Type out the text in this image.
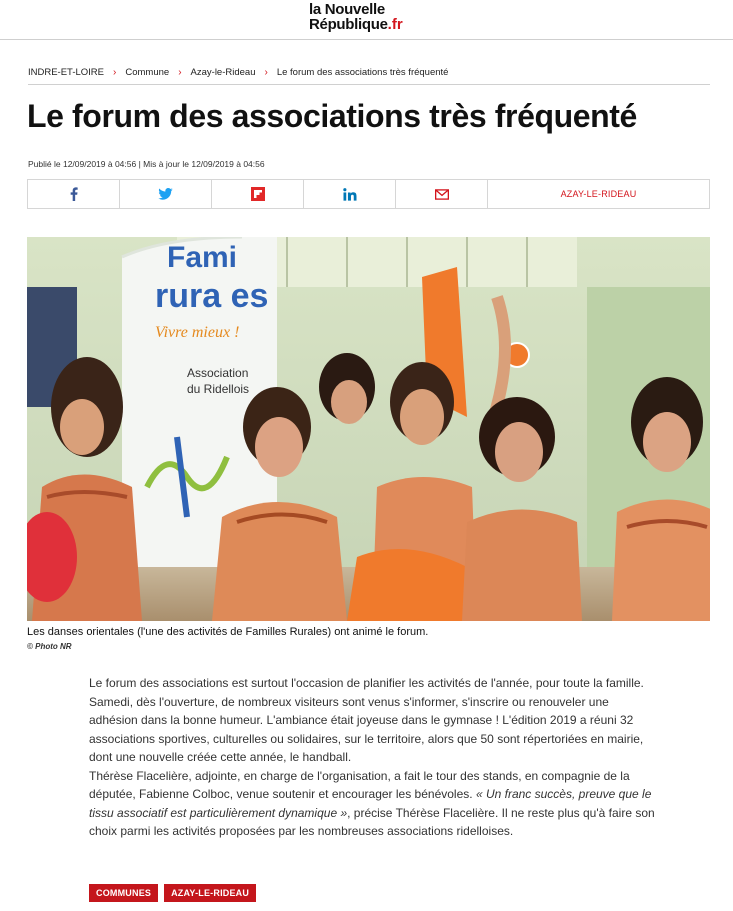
la Nouvelle
République.fr
INDRE-ET-LOIRE › Commune › Azay-le-Rideau › Le forum des associations très fréquenté
Le forum des associations très fréquenté
Publié le 12/09/2019 à 04:56 | Mis à jour le 12/09/2019 à 04:56
AZAY-LE-RIDEAU
Fami
rura es
Vivre mieux !
Association
du Ridellois
Les danses orientales (l'une des activités de Familles Rurales) ont animé le forum.
© Photo NR

Le forum des associations est surtout l'occasion de planifier les activités de l'année, pour toute la famille. Samedi, dès l'ouverture, de nombreux visiteurs sont venus s'informer, s'inscrire ou renouveler une adhésion dans la bonne humeur. L'ambiance était joyeuse dans le gymnase ! L'édition 2019 a réuni 32 associations sportives, culturelles ou solidaires, sur le territoire, alors que 50 sont répertoriées en mairie, dont une nouvelle créée cette année, le handball.

Thérèse Flacelière, adjointe, en charge de l'organisation, a fait le tour des stands, en compagnie de la députée, Fabienne Colboc, venue soutenir et encourager les bénévoles. « Un franc succès, preuve que le tissu associatif est particulièrement dynamique », précise Thérèse Flacelière. Il ne reste plus qu'à faire son choix parmi les activités proposées par les nombreuses associations ridelloises.

COMMUNES	AZAY-LE-RIDEAU
